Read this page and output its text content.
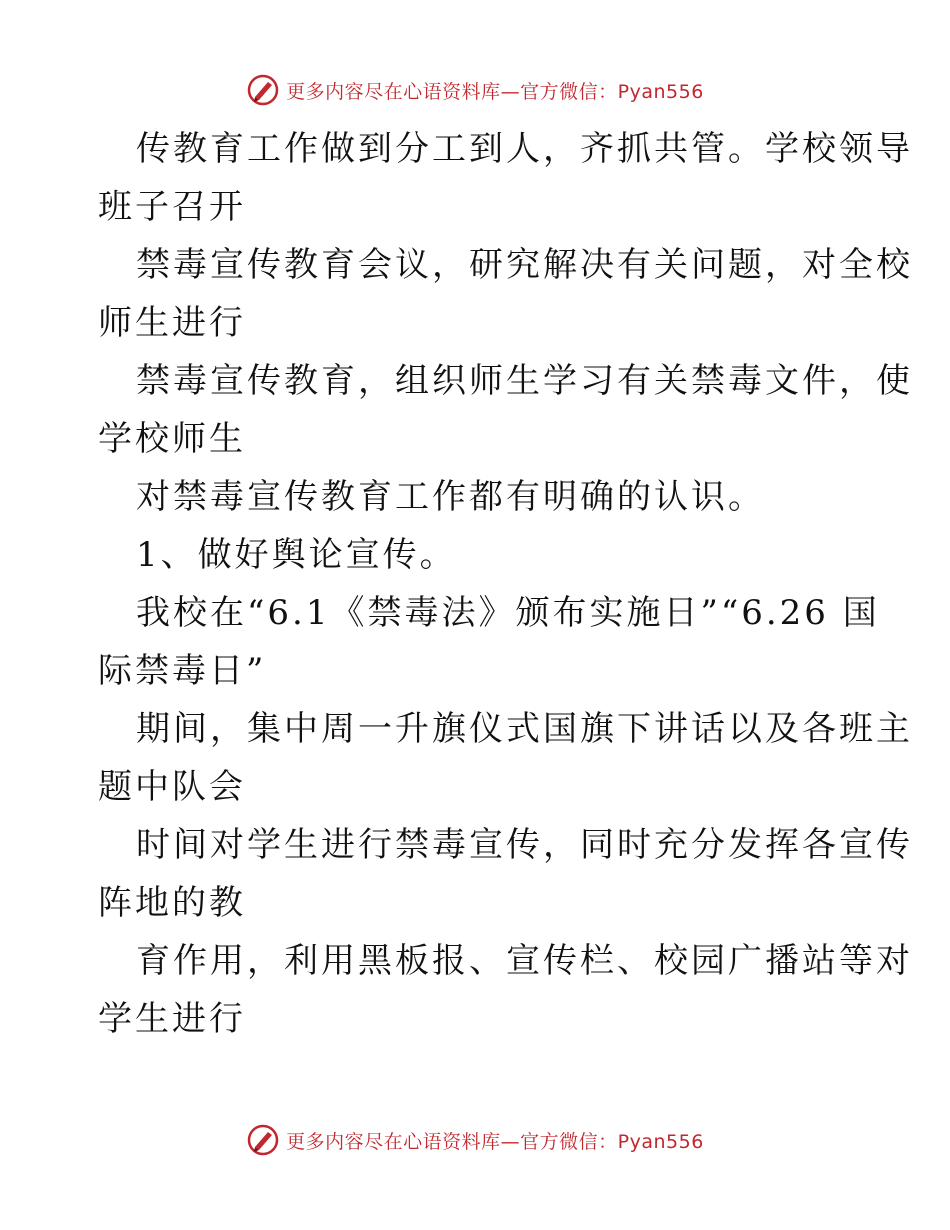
更多内容尽在心语资料库—官方微信：Pyan556
传教育工作做到分工到人，齐抓共管。学校领导
班子召开
禁毒宣传教育会议，研究解决有关问题，对全校
师生进行
禁毒宣传教育，组织师生学习有关禁毒文件，使
学校师生
对禁毒宣传教育工作都有明确的认识。
1、做好舆论宣传。
我校在“6.1《禁毒法》颁布实施日”“6.26 国
际禁毒日”
期间，集中周一升旗仪式国旗下讲话以及各班主
题中队会
时间对学生进行禁毒宣传，同时充分发挥各宣传
阵地的教
育作用，利用黑板报、宣传栏、校园广播站等对
学生进行
更多内容尽在心语资料库—官方微信：Pyan556
